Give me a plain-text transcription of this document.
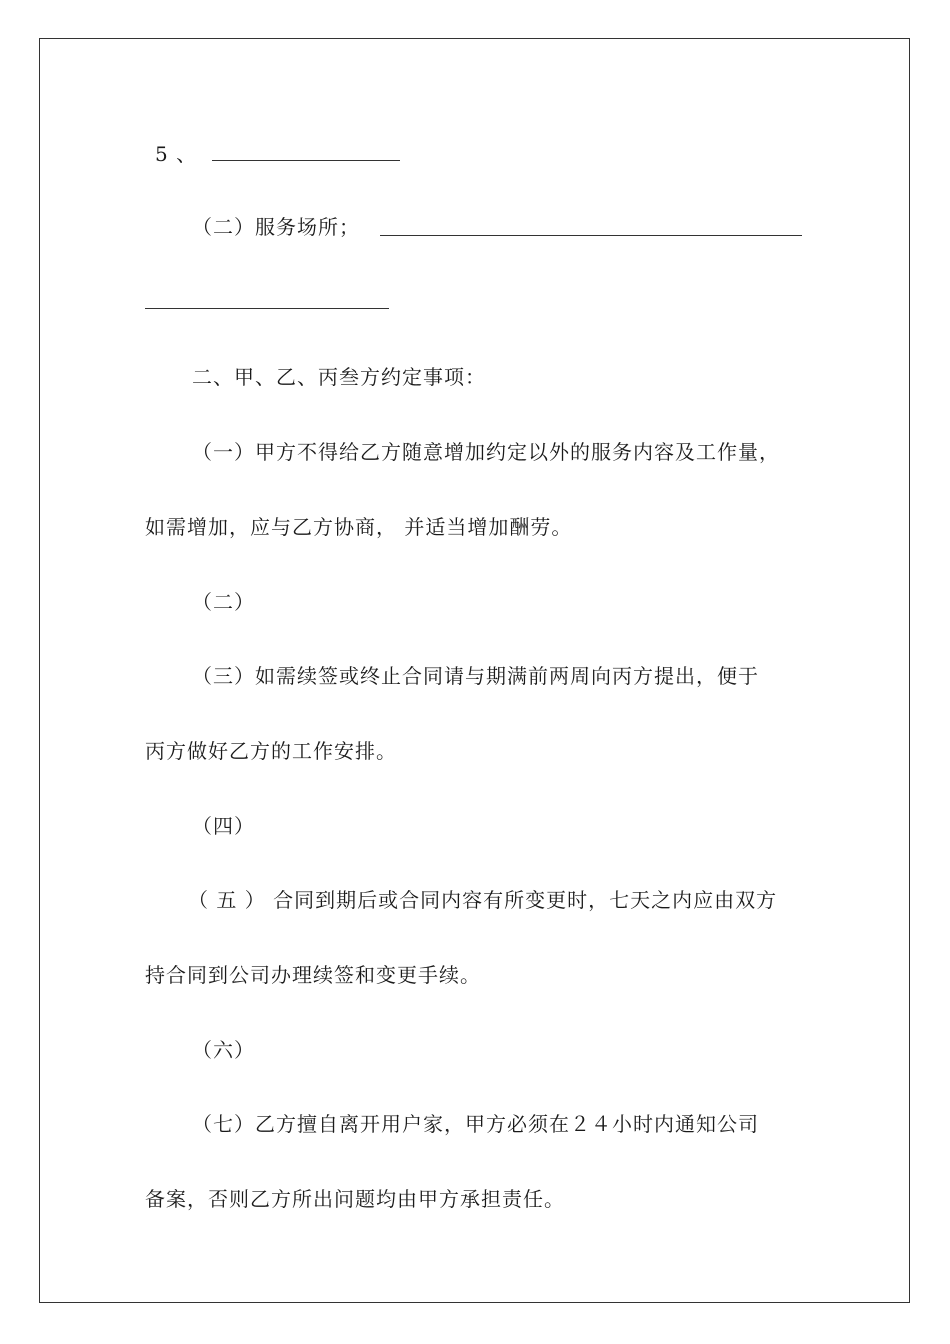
5 、
（二）服务场所；
二、甲、乙、丙叁方约定事项：
（一）甲方不得给乙方随意增加约定以外的服务内容及工作量，
如需增加，应与乙方协商， 并适当增加酬劳。
（二）
（三）如需续签或终止合同请与期满前两周向丙方提出，便于
丙方做好乙方的工作安排。
（四）
（ 五 ） 合同到期后或合同内容有所变更时，七天之内应由双方
持合同到公司办理续签和变更手续。
（六）
（七）乙方擅自离开用户家，甲方必须在２４小时内通知公司
备案，否则乙方所出问题均由甲方承担责任。
